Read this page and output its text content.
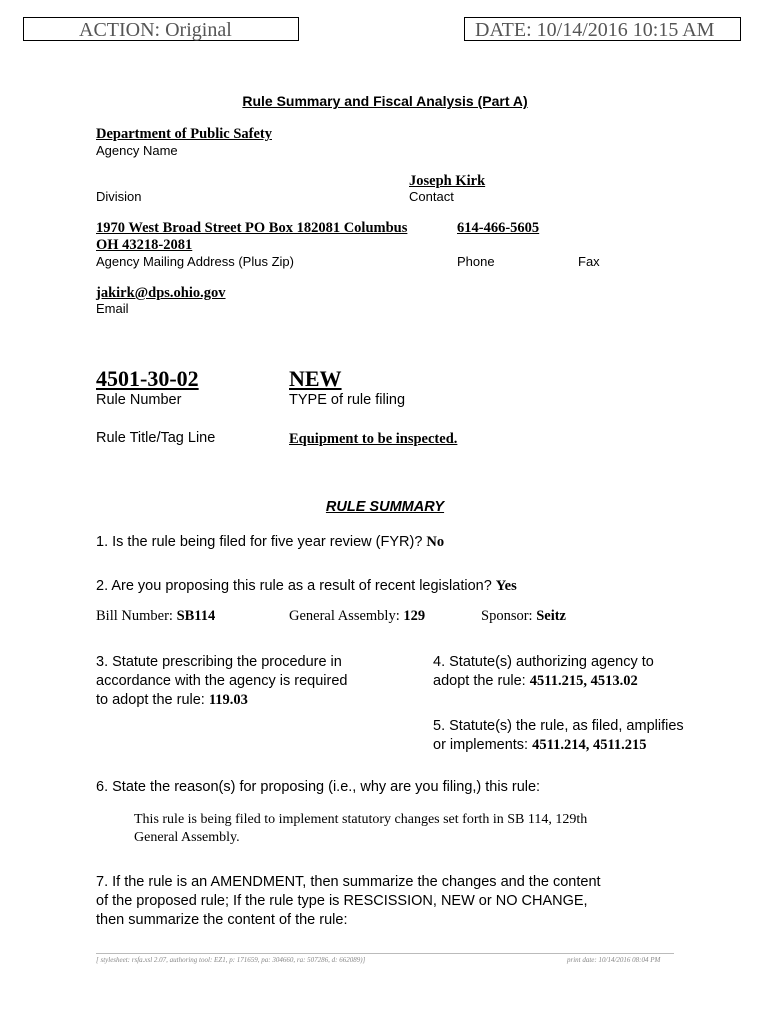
ACTION: Original	DATE: 10/14/2016 10:15 AM
Rule Summary and Fiscal Analysis (Part A)
Department of Public Safety
Agency Name
Joseph Kirk
Division	Contact
1970 West Broad Street PO Box 182081 Columbus
OH 43218-2081
614-466-5605
Agency Mailing Address (Plus Zip)	Phone	Fax
jakirk@dps.ohio.gov
Email
4501-30-02	NEW
Rule Number	TYPE of rule filing
Rule Title/Tag Line	Equipment to be inspected.
RULE SUMMARY
1. Is the rule being filed for five year review (FYR)? No
2. Are you proposing this rule as a result of recent legislation? Yes
Bill Number: SB114	General Assembly: 129	Sponsor: Seitz
3. Statute prescribing the procedure in
accordance with the agency is required
to adopt the rule: 119.03
4. Statute(s) authorizing agency to
adopt the rule: 4511.215, 4513.02
5. Statute(s) the rule, as filed, amplifies
or implements: 4511.214, 4511.215
6. State the reason(s) for proposing (i.e., why are you filing,) this rule:
This rule is being filed to implement statutory changes set forth in SB 114, 129th
General Assembly.
7. If the rule is an AMENDMENT, then summarize the changes and the content
of the proposed rule; If the rule type is RESCISSION, NEW or NO CHANGE,
then summarize the content of the rule:
[ stylesheet: rsfa.xsl 2.07, authoring tool: EZ1, p: 171659, pa: 304660, ra: 507286, d: 662089)]	print date: 10/14/2016 08:04 PM
